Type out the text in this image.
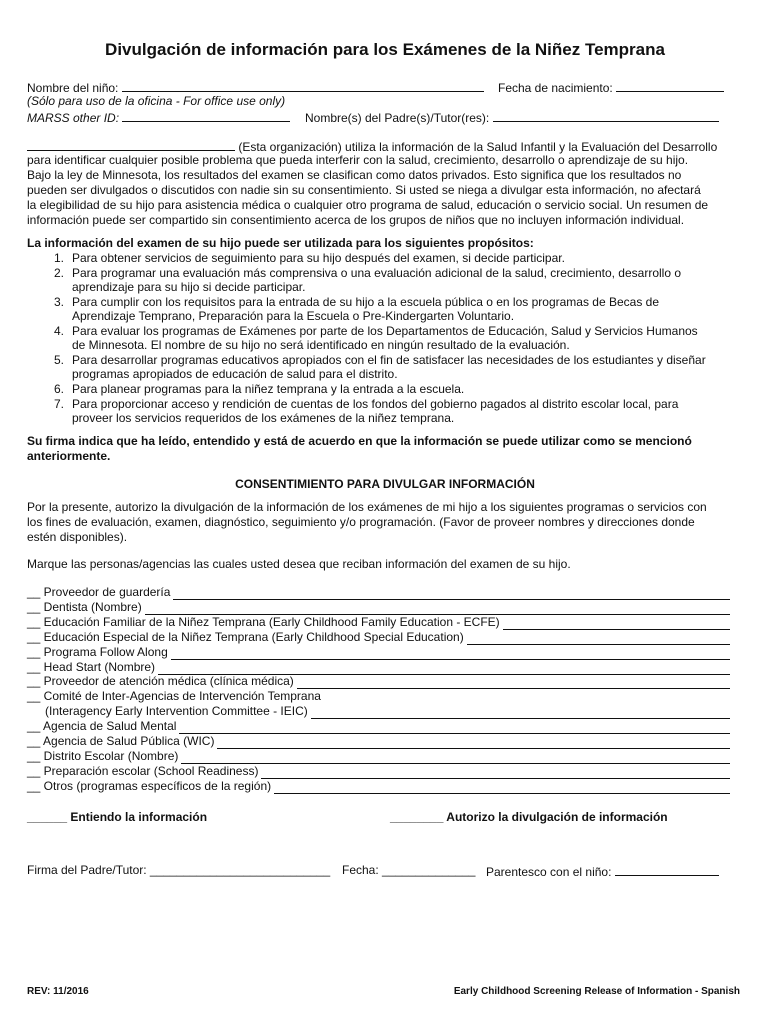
Divulgación de información para los Exámenes de la Niñez Temprana
Nombre del niño:	Fecha de nacimiento:
(Sólo para uso de la oficina - For office use only)
MARSS other ID:	Nombre(s) del Padre(s)/Tutor(res):
(Esta organización) utiliza la información de la Salud Infantil y la Evaluación del Desarrollo
para identificar cualquier posible problema que pueda interferir con la salud, crecimiento, desarrollo o aprendizaje de su hijo.
Bajo la ley de Minnesota, los resultados del examen se clasifican como datos privados. Esto significa que los resultados no
pueden ser divulgados o discutidos con nadie sin su consentimiento. Si usted se niega a divulgar esta información, no afectará
la elegibilidad de su hijo para asistencia médica o cualquier otro programa de salud, educación o servicio social. Un resumen de
información puede ser compartido sin consentimiento acerca de los grupos de niños que no incluyen información individual.
La información del examen de su hijo puede ser utilizada para los siguientes propósitos:
1. Para obtener servicios de seguimiento para su hijo después del examen, si decide participar.
2. Para programar una evaluación más comprensiva o una evaluación adicional de la salud, crecimiento, desarrollo o
aprendizaje para su hijo si decide participar.
3. Para cumplir con los requisitos para la entrada de su hijo a la escuela pública o en los programas de Becas de
Aprendizaje Temprano, Preparación para la Escuela o Pre-Kindergarten Voluntario.
4. Para evaluar los programas de Exámenes por parte de los Departamentos de Educación, Salud y Servicios Humanos
de Minnesota. El nombre de su hijo no será identificado en ningún resultado de la evaluación.
5. Para desarrollar programas educativos apropiados con el fin de satisfacer las necesidades de los estudiantes y diseñar
programas apropiados de educación de salud para el distrito.
6. Para planear programas para la niñez temprana y la entrada a la escuela.
7. Para proporcionar acceso y rendición de cuentas de los fondos del gobierno pagados al distrito escolar local, para
proveer los servicios requeridos de los exámenes de la niñez temprana.
Su firma indica que ha leído, entendido y está de acuerdo en que la información se puede utilizar como se mencionó
anteriormente.
CONSENTIMIENTO PARA DIVULGAR INFORMACIÓN
Por la presente, autorizo la divulgación de la información de los exámenes de mi hijo a los siguientes programas o servicios con
los fines de evaluación, examen, diagnóstico, seguimiento y/o programación. (Favor de proveer nombres y direcciones donde
estén disponibles).
Marque las personas/agencias las cuales usted desea que reciban información del examen de su hijo.
__ Proveedor de guardería
__ Dentista (Nombre)
__ Educación Familiar de la Niñez Temprana (Early Childhood Family Education - ECFE)
__ Educación Especial de la Niñez Temprana (Early Childhood Special Education)
__ Programa Follow Along
__ Head Start (Nombre)
__ Proveedor de atención médica (clínica médica)
__ Comité de Inter-Agencias de Intervención Temprana
(Interagency Early Intervention Committee - IEIC)
__ Agencia de Salud Mental
__ Agencia de Salud Pública (WIC)
__ Distrito Escolar (Nombre)
__ Preparación escolar (School Readiness)
__ Otros (programas específicos de la región)
______ Entiendo la información	________ Autorizo la divulgación de información
Firma del Padre/Tutor: ___________________________ Fecha: ______________ Parentesco con el niño:
REV: 11/2016	Early Childhood Screening Release of Information - Spanish
